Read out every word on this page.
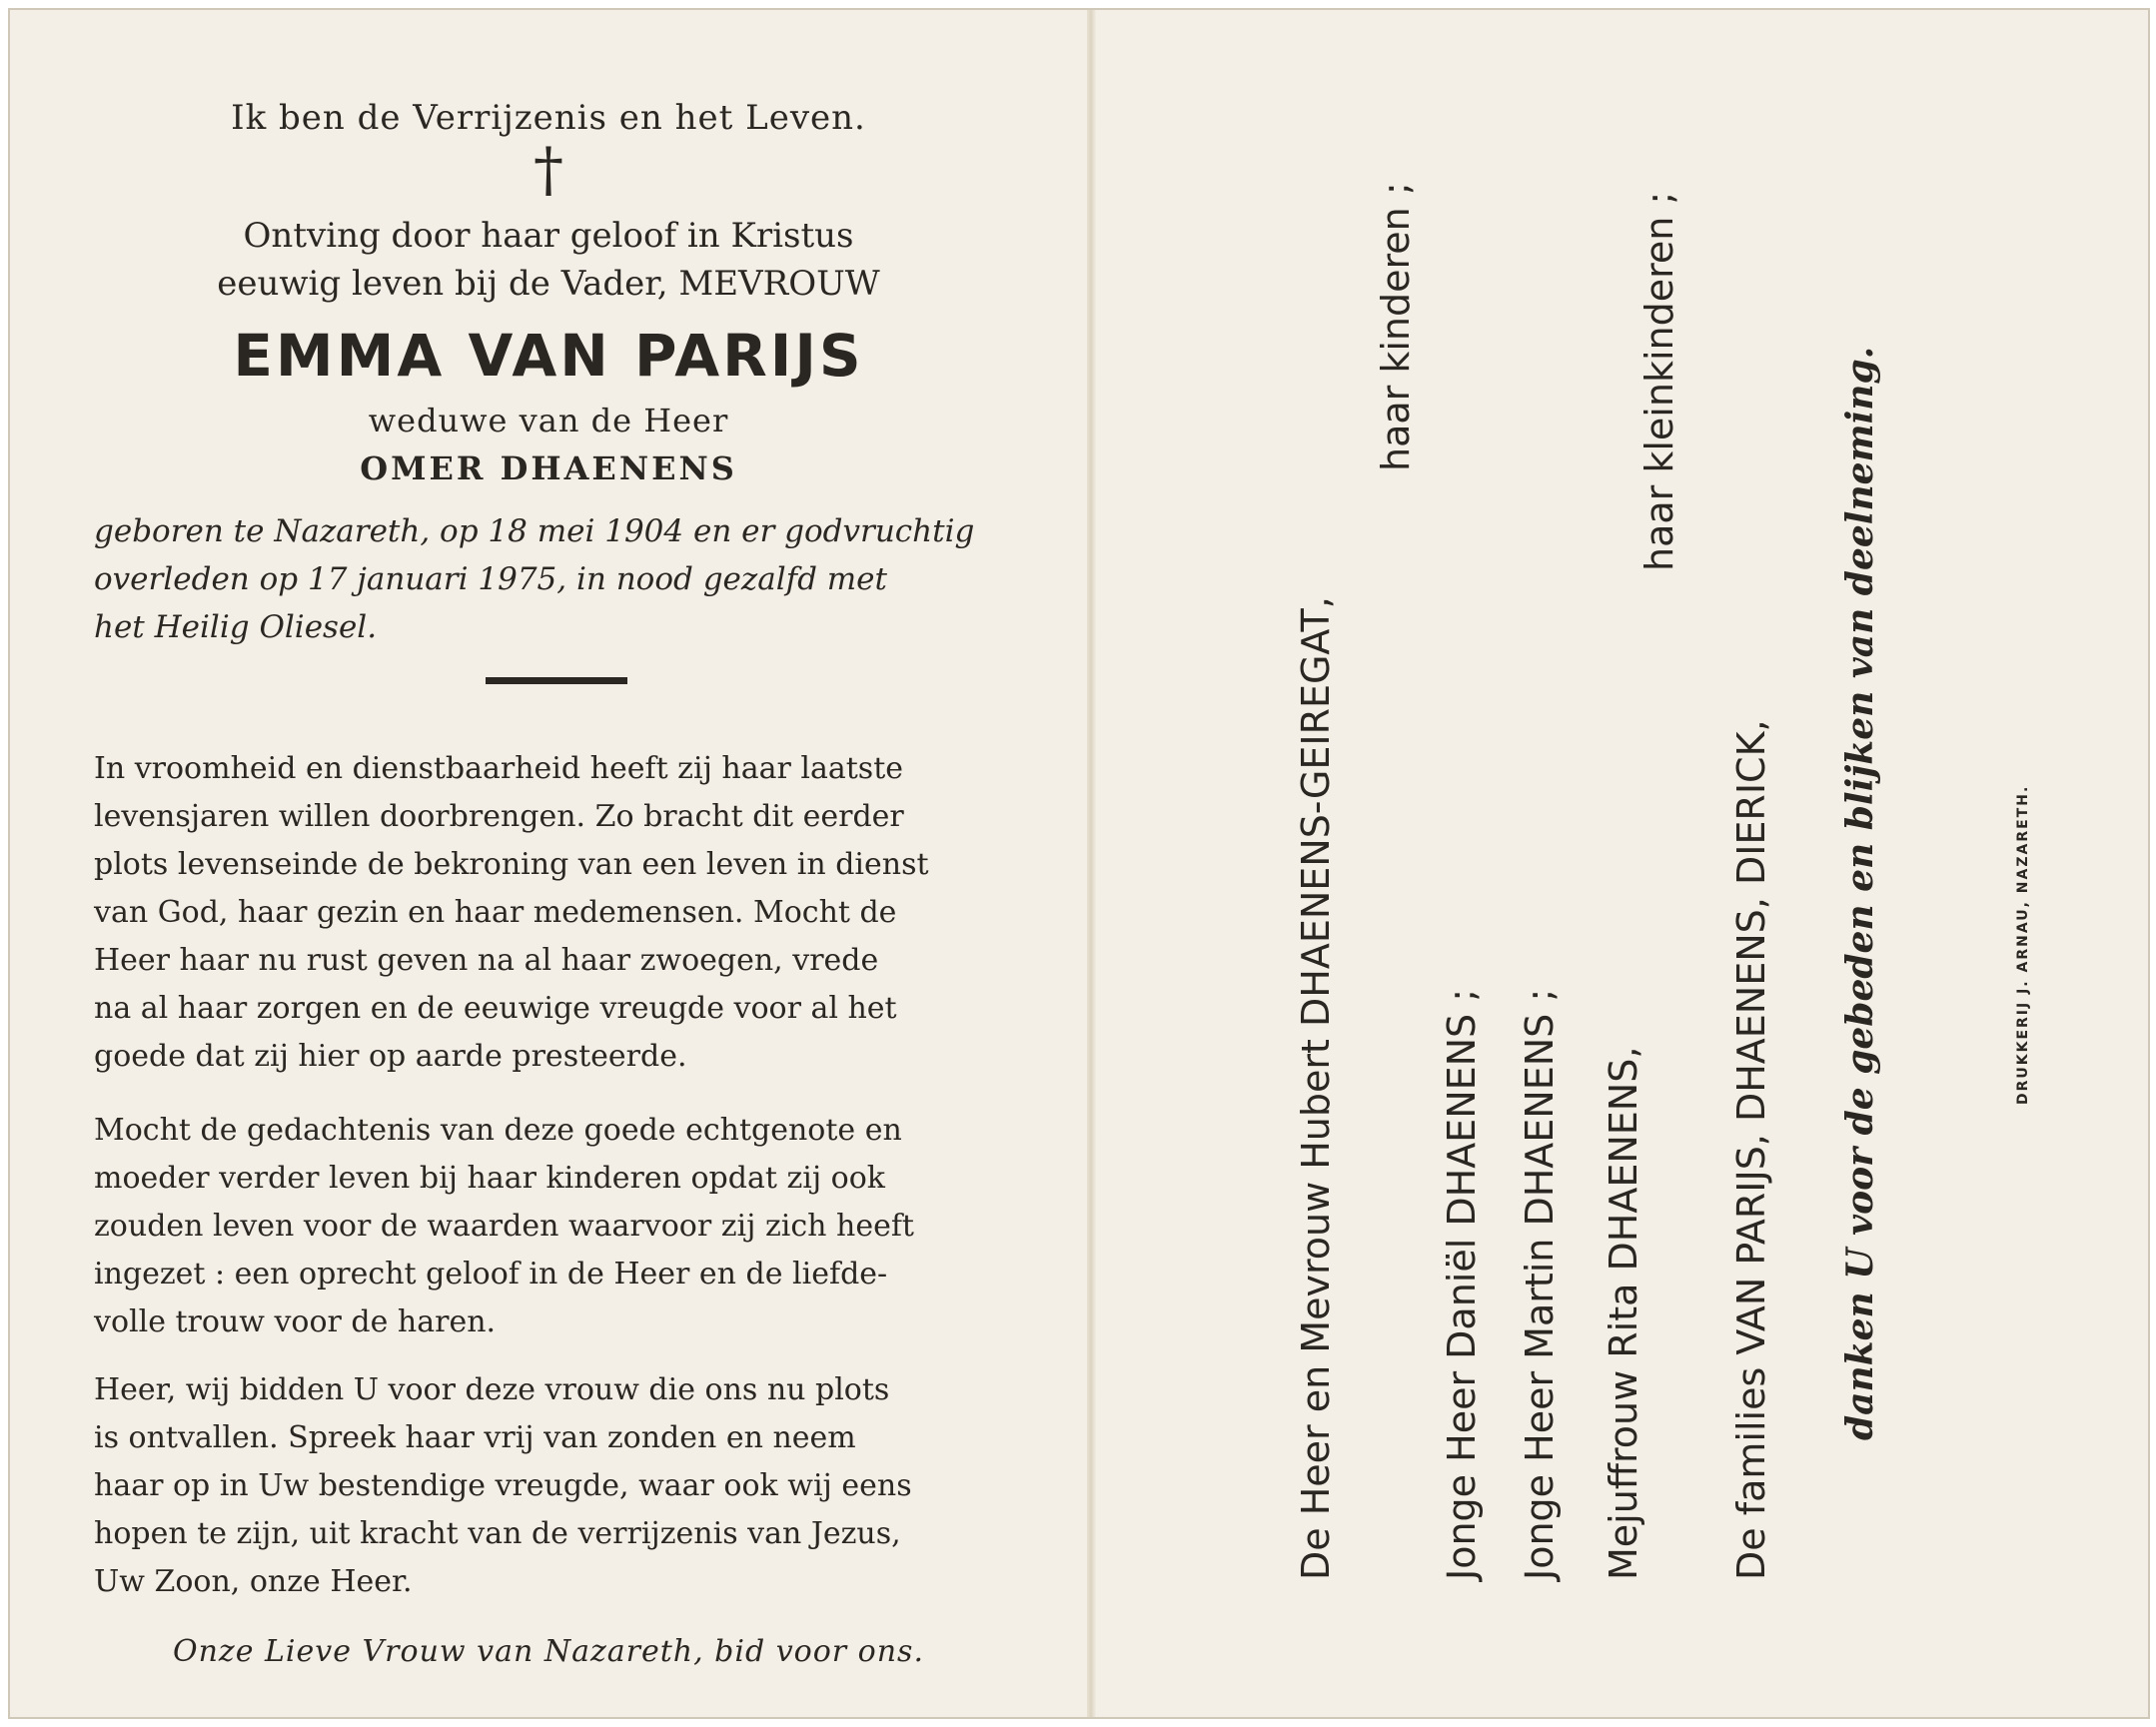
Ik ben de Verrijzenis en het Leven.
†
Ontving door haar geloof in Kristus
eeuwig leven bij de Vader, MEVROUW
EMMA VAN PARIJS
weduwe van de Heer
OMER DHAENENS
geboren te Nazareth, op 18 mei 1904 en er godvruchtig
overleden op 17 januari 1975, in nood gezalfd met
het Heilig Oliesel.
In vroomheid en dienstbaarheid heeft zij haar laatste
levensjaren willen doorbrengen. Zo bracht dit eerder
plots levenseinde de bekroning van een leven in dienst
van God, haar gezin en haar medemensen. Mocht de
Heer haar nu rust geven na al haar zwoegen, vrede
na al haar zorgen en de eeuwige vreugde voor al het
goede dat zij hier op aarde presteerde.
Mocht de gedachtenis van deze goede echtgenote en
moeder verder leven bij haar kinderen opdat zij ook
zouden leven voor de waarden waarvoor zij zich heeft
ingezet : een oprecht geloof in de Heer en de liefde-
volle trouw voor de haren.
Heer, wij bidden U voor deze vrouw die ons nu plots
is ontvallen. Spreek haar vrij van zonden en neem
haar op in Uw bestendige vreugde, waar ook wij eens
hopen te zijn, uit kracht van de verrijzenis van Jezus,
Uw Zoon, onze Heer.
Onze Lieve Vrouw van Nazareth, bid voor ons.
De Heer en Mevrouw Hubert DHAENENS-GEIREGAT,
haar kinderen ;
Jonge Heer Daniël DHAENENS ; Jonge Heer Martin DHAENENS ; Mejuffrouw Rita DHAENENS,
haar kleinkinderen ;
De families VAN PARIJS, DHAENENS, DIERICK, danken U voor de gebeden en blijken van deelneming.	DRUKKERIJ J. ARNAU, NAZARETH.
